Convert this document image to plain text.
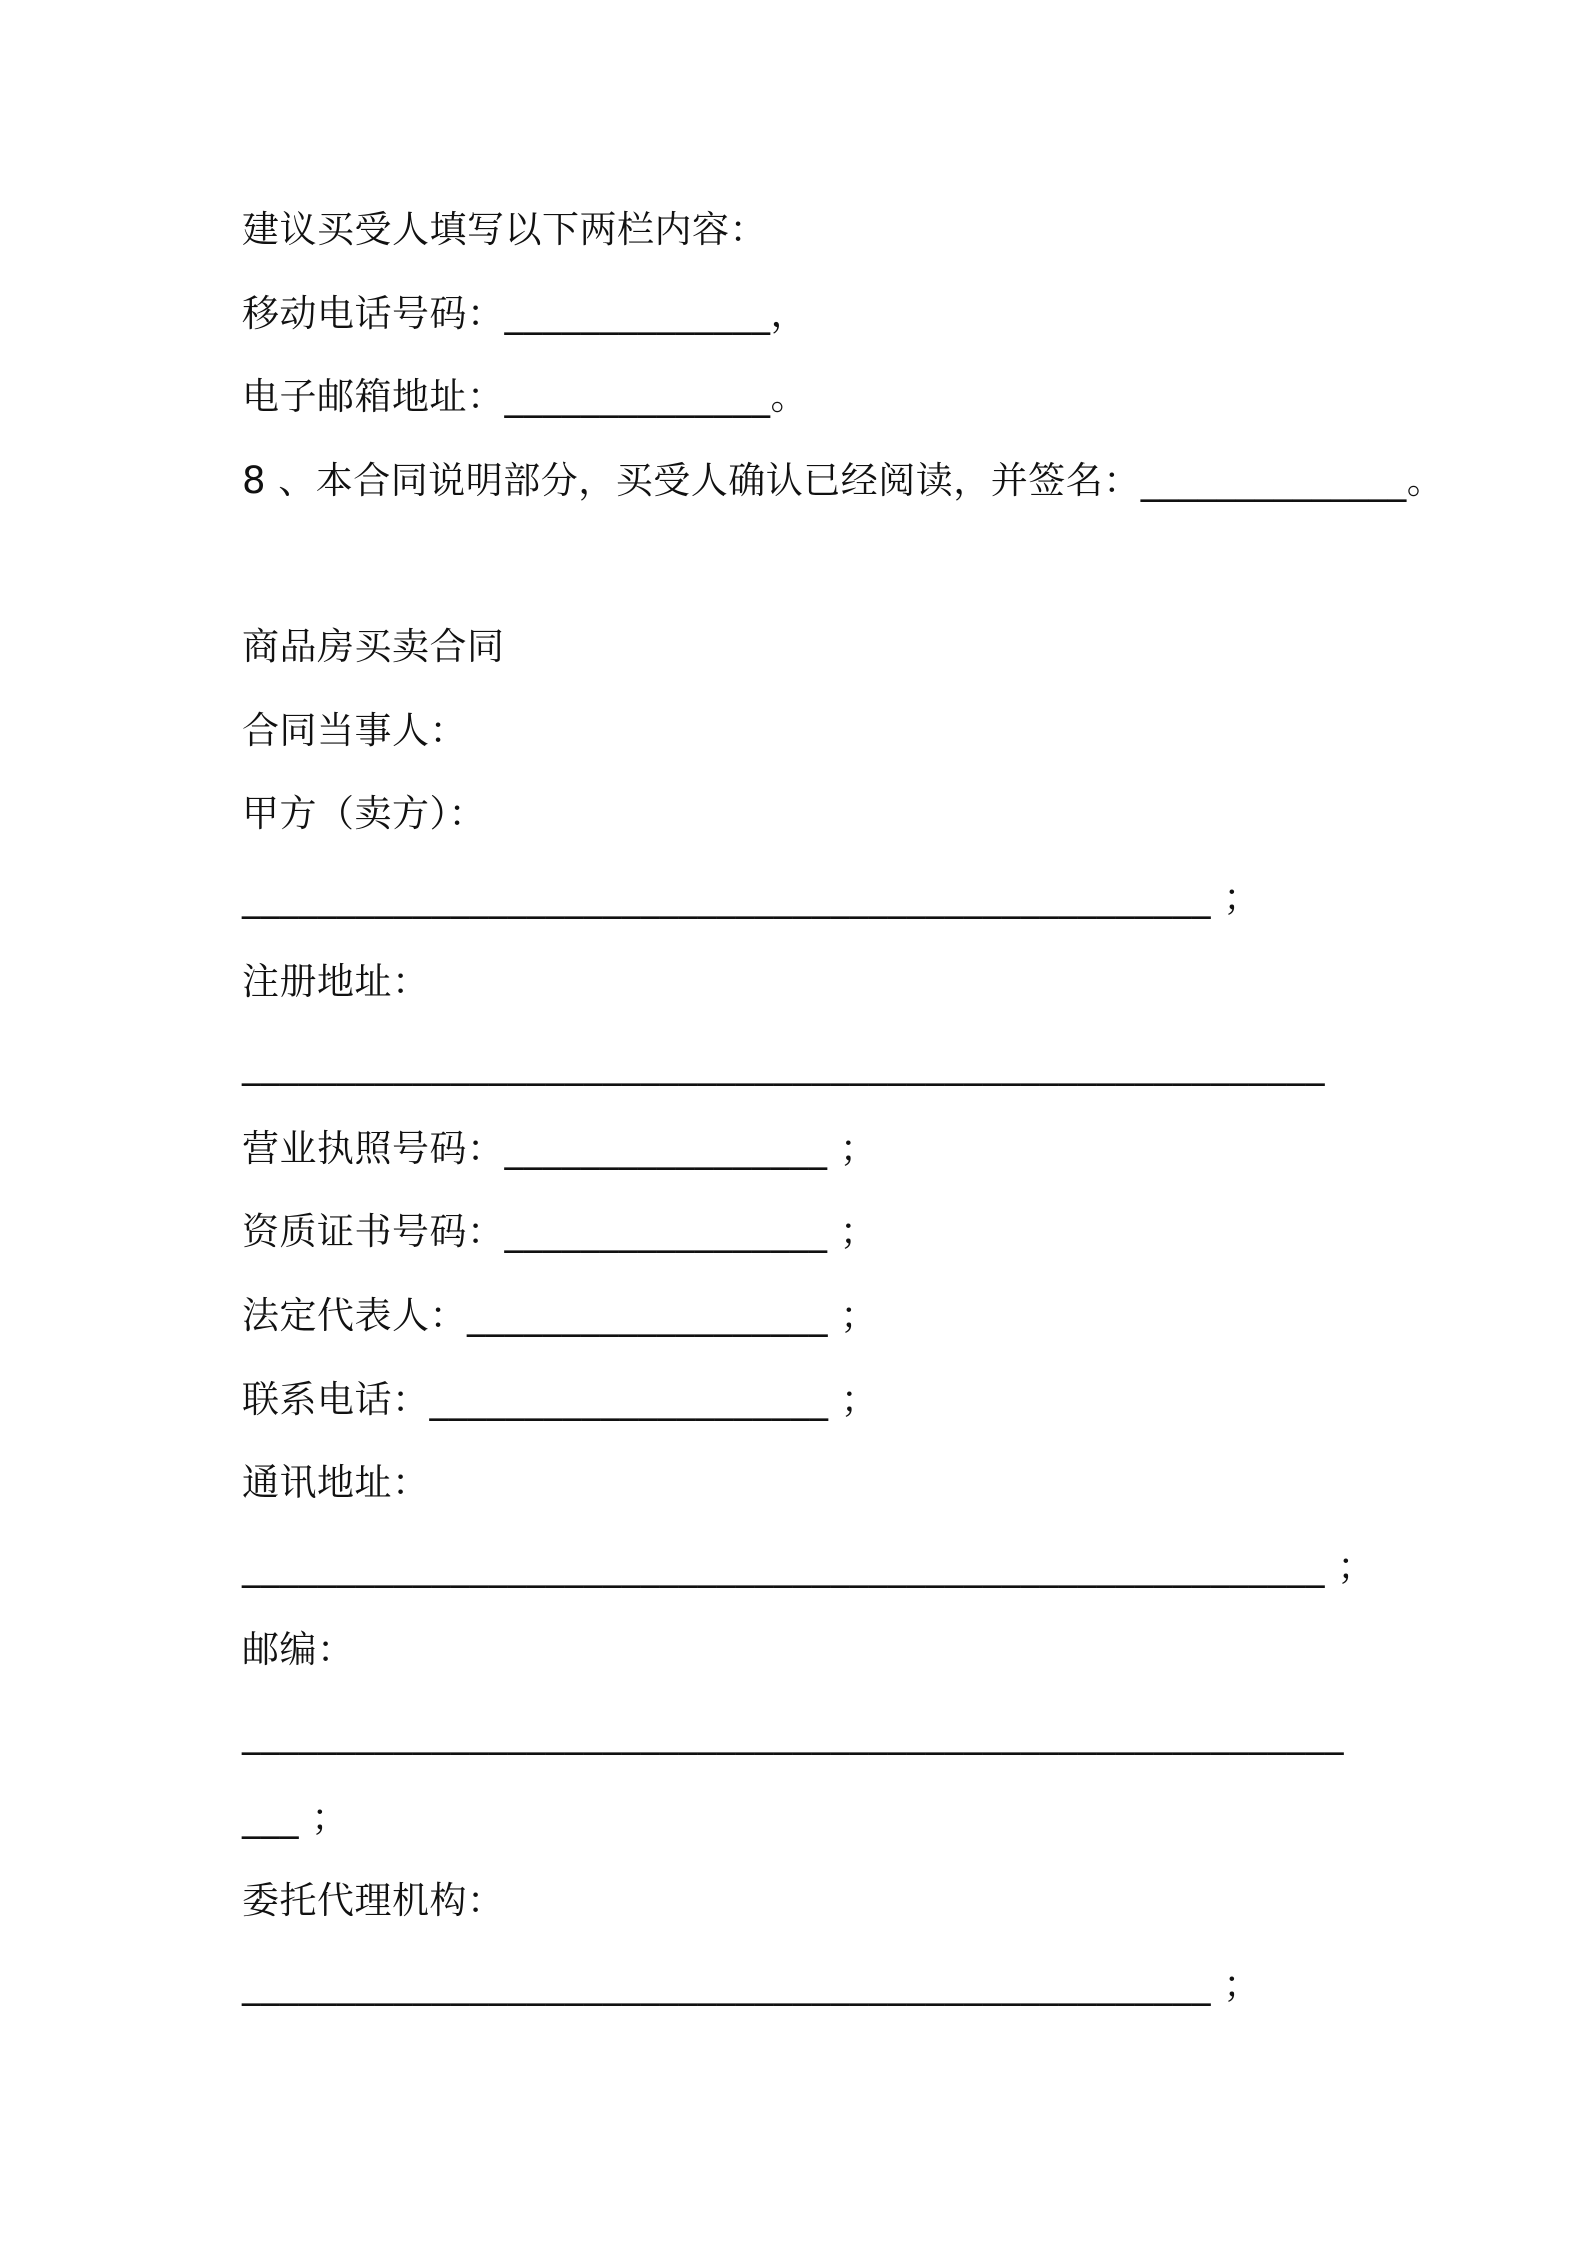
建议买受人填写以下两栏内容：
移动电话号码：______________，
电子邮箱地址：______________。
8 、本合同说明部分，买受人确认已经阅读，并签名：______________。
商品房买卖合同
合同当事人：
甲方（卖方）：
___________________________________________________ ；
注册地址：
_________________________________________________________
营业执照号码：_________________ ；
资质证书号码：_________________ ；
法定代表人：___________________ ；
联系电话：_____________________ ；
通讯地址：
_________________________________________________________ ；
邮编：
__________________________________________________________
___ ；
委托代理机构：
___________________________________________________ ；
